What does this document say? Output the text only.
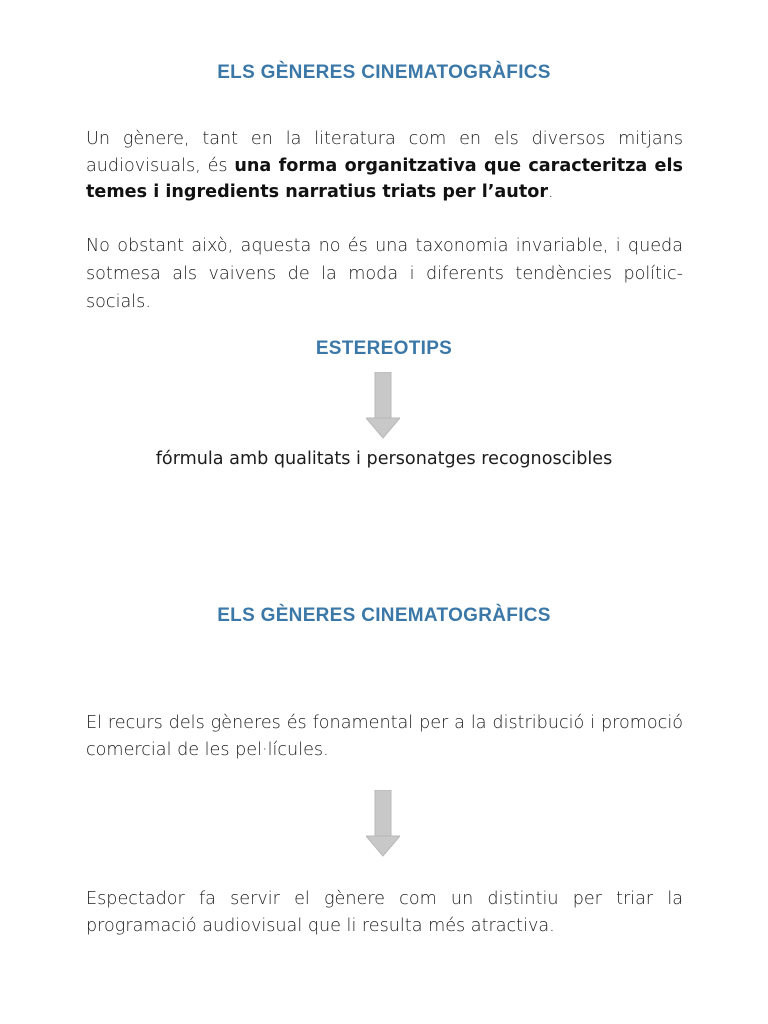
ELS GÈNERES CINEMATOGRÀFICS

Un gènere, tant en la literatura com en els diversos mitjans audiovisuals, és una forma organitzativa que caracteritza els temes i ingredients narratius triats per l’autor.

No obstant això, aquesta no és una taxonomia invariable, i queda sotmesa als vaivens de la moda i diferents tendències polític-socials.

ESTEREOTIPS

fórmula amb qualitats i personatges recognoscibles

ELS GÈNERES CINEMATOGRÀFICS

El recurs dels gèneres és fonamental per a la distribució i promoció comercial de les pel·lícules.

Espectador fa servir el gènere com un distintiu per triar la programació audiovisual que li resulta més atractiva.
